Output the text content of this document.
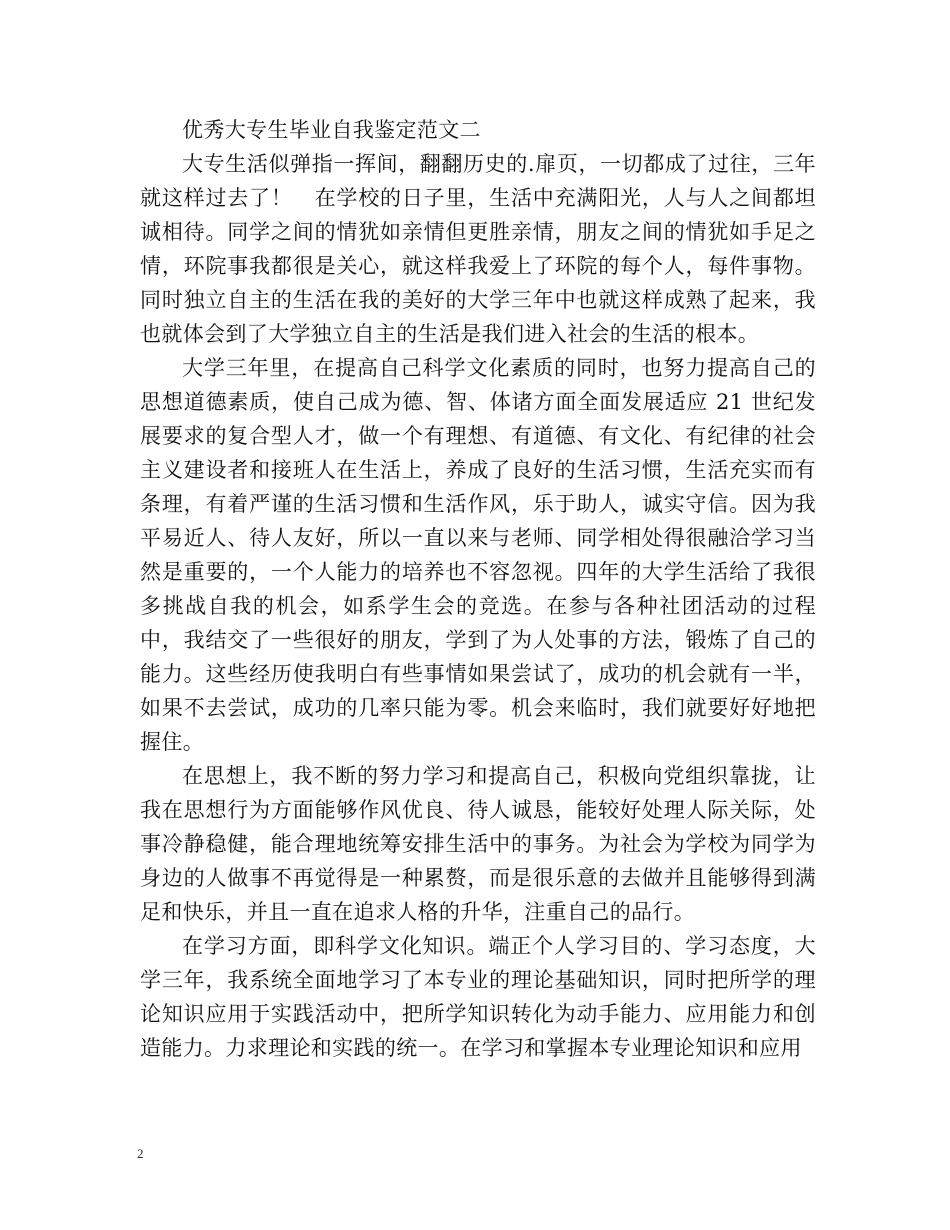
优秀大专生毕业自我鉴定范文二

大专生活似弹指一挥间，翻翻历史的.扉页，一切都成了过往，三年就这样过去了！　在学校的日子里，生活中充满阳光，人与人之间都坦诚相待。同学之间的情犹如亲情但更胜亲情，朋友之间的情犹如手足之情，环院事我都很是关心，就这样我爱上了环院的每个人，每件事物。同时独立自主的生活在我的美好的大学三年中也就这样成熟了起来，我也就体会到了大学独立自主的生活是我们进入社会的生活的根本。

大学三年里，在提高自己科学文化素质的同时，也努力提高自己的思想道德素质，使自己成为德、智、体诸方面全面发展适应 21 世纪发展要求的复合型人才，做一个有理想、有道德、有文化、有纪律的社会主义建设者和接班人在生活上，养成了良好的生活习惯，生活充实而有条理，有着严谨的生活习惯和生活作风，乐于助人，诚实守信。因为我平易近人、待人友好，所以一直以来与老师、同学相处得很融洽学习当然是重要的，一个人能力的培养也不容忽视。四年的大学生活给了我很多挑战自我的机会，如系学生会的竞选。在参与各种社团活动的过程中，我结交了一些很好的朋友，学到了为人处事的方法，锻炼了自己的能力。这些经历使我明白有些事情如果尝试了，成功的机会就有一半，如果不去尝试，成功的几率只能为零。机会来临时，我们就要好好地把握住。

在思想上，我不断的努力学习和提高自己，积极向党组织靠拢，让我在思想行为方面能够作风优良、待人诚恳，能较好处理人际关际，处事冷静稳健，能合理地统筹安排生活中的事务。为社会为学校为同学为身边的人做事不再觉得是一种累赘，而是很乐意的去做并且能够得到满足和快乐，并且一直在追求人格的升华，注重自己的品行。

在学习方面，即科学文化知识。端正个人学习目的、学习态度，大学三年，我系统全面地学习了本专业的理论基础知识，同时把所学的理论知识应用于实践活动中，把所学知识转化为动手能力、应用能力和创造能力。力求理论和实践的统一。在学习和掌握本专业理论知识和应用

2
